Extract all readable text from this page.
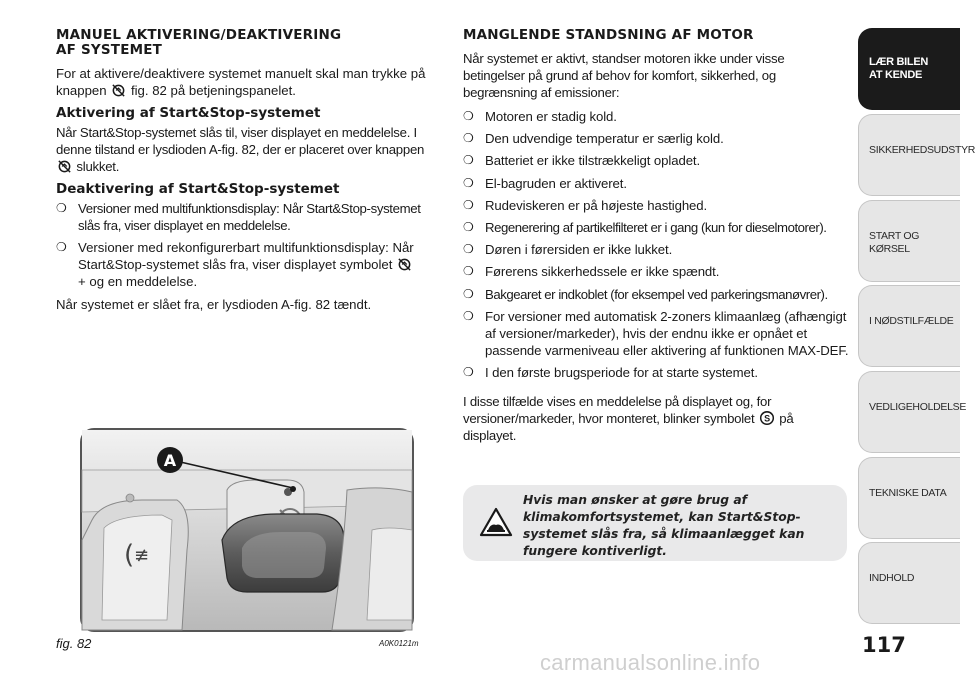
MANUEL AKTIVERING/DEAKTIVERING
AF SYSTEMET

For at aktivere/deaktivere systemet manuelt skal man trykke på knappen fig. 82 på betjeningspanelet.

Aktivering af Start&Stop-systemet

Når Start&Stop-systemet slås til, viser displayet en meddelelse. I denne tilstand er lysdioden A-fig. 82, der er placeret over knappen
slukket.

Deaktivering af Start&Stop-systemet
❍ Versioner med multifunktionsdisplay: Når Start&Stop-systemet slås fra, viser displayet en meddelelse.
❍ Versioner med rekonfigurerbart multifunktionsdisplay: Når Start&Stop-systemet slås fra, viser displayet symbolet
+ og en meddelelse.

Når systemet er slået fra, er lysdioden A-fig. 82 tændt.

MANGLENDE STANDSNING AF MOTOR

Når systemet er aktivt, standser motoren ikke under visse betingelser på grund af behov for komfort, sikkerhed, og begrænsning af emissioner:

❍ Motoren er stadig kold.
❍ Den udvendige temperatur er særlig kold.
❍ Batteriet er ikke tilstrækkeligt opladet.
❍ El-bagruden er aktiveret.
❍ Rudeviskeren er på højeste hastighed.
❍ Regenerering af partikelfilteret er i gang (kun for dieselmotorer).
❍ Døren i førersiden er ikke lukket.
❍ Førerens sikkerhedssele er ikke spændt.
❍ Bakgearet er indkoblet (for eksempel ved parkeringsmanøvrer).
❍ For versioner med automatisk 2-zoners klimaanlæg (afhængigt af versioner/markeder), hvis der endnu ikke er opnået et passende varmeniveau eller aktivering af funktionen MAX-DEF.
❍ I den første brugsperiode for at starte systemet.

I disse tilfælde vises en meddelelse på displayet og, for versioner/markeder, hvor monteret, blinker symbolet S på displayet.

Hvis man ønsker at gøre brug af klimakomfortsystemet, kan Start&Stop-systemet slås fra, så klimaanlægget kan fungere kontiverligt.
( ≢
A
fig. 82	A0K0121m	117
LÆR BILEN
AT KENDE
SIKKERHEDSUDSTYR
START OG KØRSEL
I NØDSTILFÆLDE
VEDLIGEHOLDELSE
TEKNISKE DATA
INDHOLD
carmanualsonline.info
